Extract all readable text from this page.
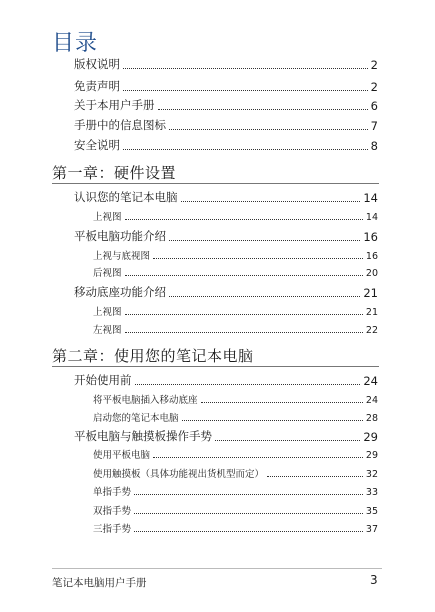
目录
版权说明	2
免责声明	2
关于本用户手册	6
手册中的信息图标	7
安全说明	8
第一章：硬件设置
认识您的笔记本电脑	14
上视图	14
平板电脑功能介绍	16
上视与底视图	16
后视图	20
移动底座功能介绍	21
上视图	21
左视图	22
第二章：使用您的笔记本电脑
开始使用前	24
将平板电脑插入移动底座	24
启动您的笔记本电脑	28
平板电脑与触摸板操作手势	29
使用平板电脑	29
使用触摸板（具体功能视出货机型而定）	32
单指手势	33
双指手势	35
三指手势	37
笔记本电脑用户手册	3
